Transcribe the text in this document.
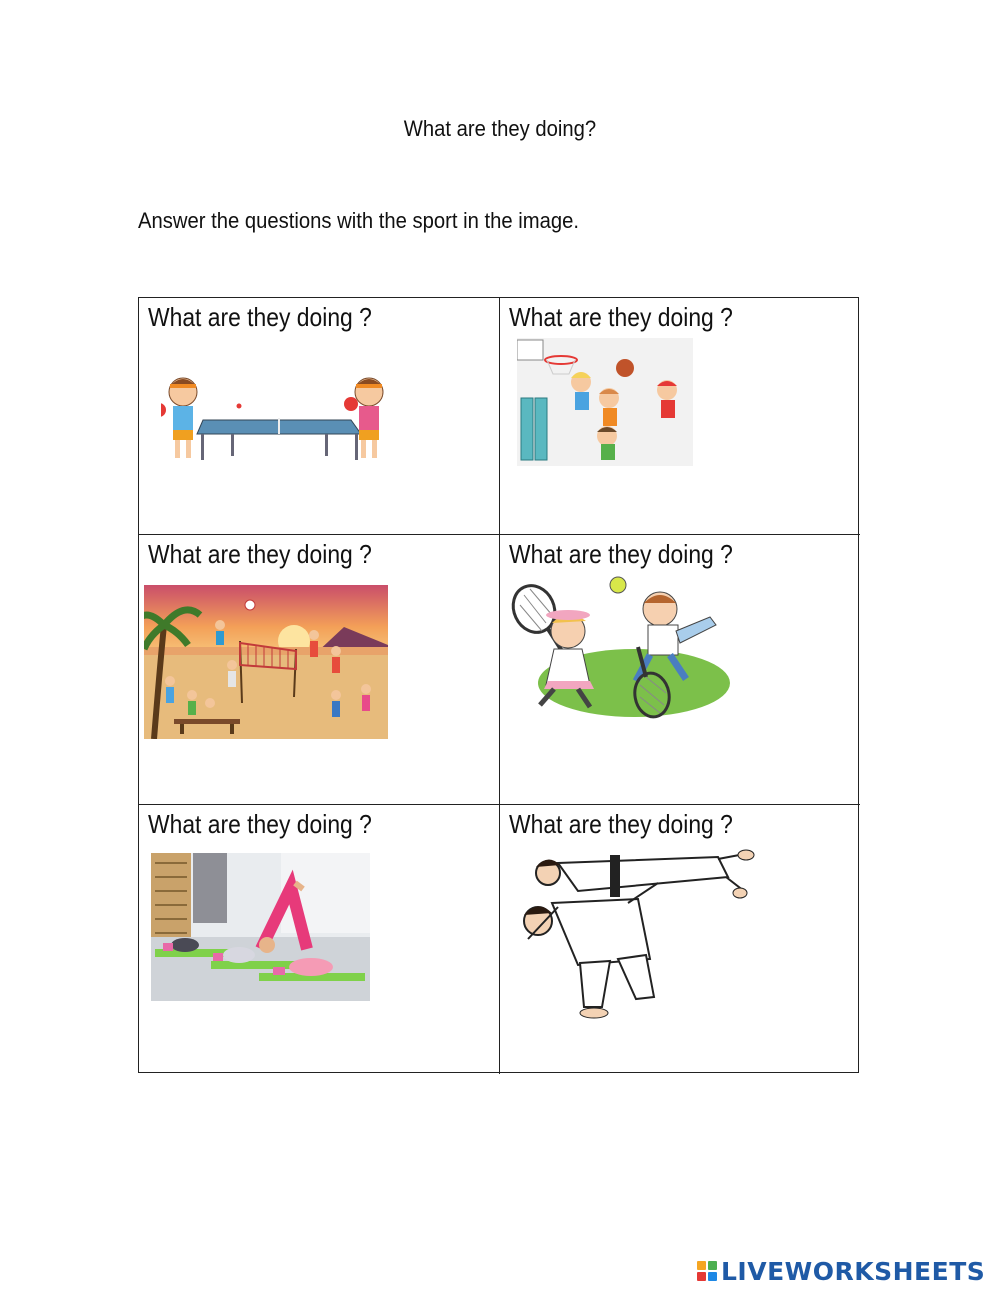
What are they doing?
Answer the questions with the sport in the image.
What are they doing ?	What are they doing ?
What are they doing ?	What are they doing ?
What are they doing ?	What are they doing ?
LIVEWORKSHEETS
